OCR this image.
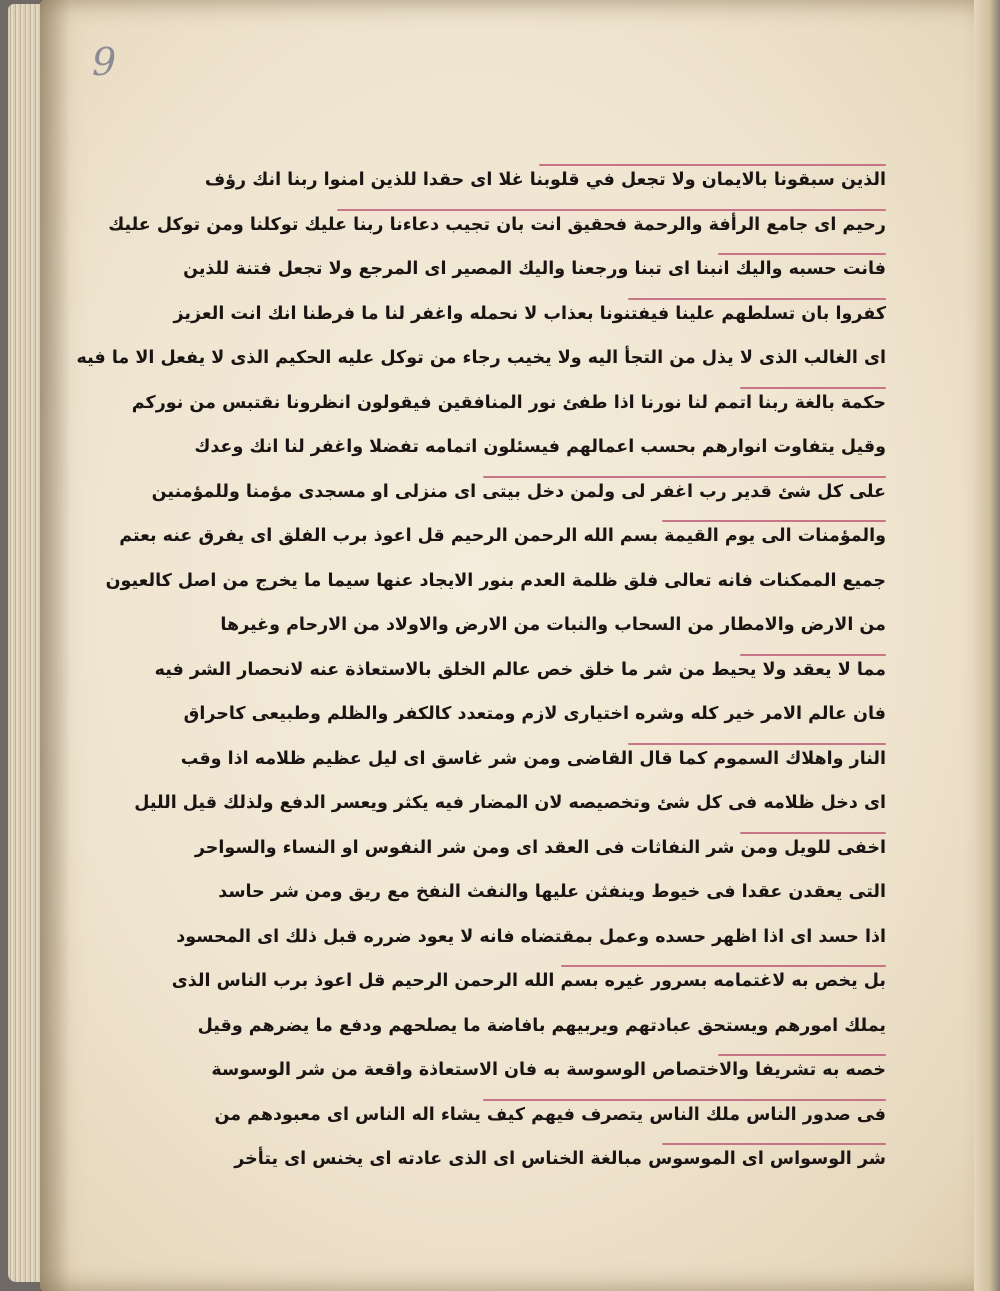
9
الذين سبقونا بالايمان ولا تجعل في قلوبنا غلا اى حقدا للذين امنوا ربنا انك رؤف
رحيم اى جامع الرأفة والرحمة فحقيق انت بان تجيب دعاءنا ربنا عليك توكلنا ومن توكل عليك
فانت حسبه واليك انبنا اى تبنا ورجعنا واليك المصير اى المرجع ولا تجعل فتنة للذين
كفروا بان تسلطهم علينا فيفتنونا بعذاب لا نحمله واغفر لنا ما فرطنا انك انت العزيز
اى الغالب الذى لا يذل من التجأ اليه ولا يخيب رجاء من توكل عليه الحكيم الذى لا يفعل الا ما فيه
حكمة بالغة ربنا اتمم لنا نورنا اذا طفئ نور المنافقين فيقولون انظرونا نقتبس من نوركم
وقيل يتفاوت انوارهم بحسب اعمالهم فيسئلون اتمامه تفضلا واغفر لنا انك وعدك
على كل شئ قدير رب اغفر لى ولمن دخل بيتى اى منزلى او مسجدى مؤمنا وللمؤمنين
والمؤمنات الى يوم القيمة بسم الله الرحمن الرحيم قل اعوذ برب الفلق اى يفرق عنه بعتم
جميع الممكنات فانه تعالى فلق ظلمة العدم بنور الايجاد عنها سيما ما يخرج من اصل كالعيون
من الارض والامطار من السحاب والنبات من الارض والاولاد من الارحام وغيرها
مما لا يعقد ولا يحيط من شر ما خلق خص عالم الخلق بالاستعاذة عنه لانحصار الشر فيه
فان عالم الامر خير كله وشره اختيارى لازم ومتعدد كالكفر والظلم وطبيعى كاحراق
النار واهلاك السموم كما قال القاضى ومن شر غاسق اى ليل عظيم ظلامه اذا وقب
اى دخل ظلامه فى كل شئ وتخصيصه لان المضار فيه يكثر ويعسر الدفع ولذلك قيل الليل
اخفى للويل ومن شر النفاثات فى العقد اى ومن شر النفوس او النساء والسواحر
التى يعقدن عقدا فى خيوط وينفثن عليها والنفث النفخ مع ريق ومن شر حاسد
اذا حسد اى اذا اظهر حسده وعمل بمقتضاه فانه لا يعود ضرره قبل ذلك اى المحسود
بل يخص به لاغتمامه بسرور غيره بسم الله الرحمن الرحيم قل اعوذ برب الناس الذى
يملك امورهم ويستحق عبادتهم ويربيهم بافاضة ما يصلحهم ودفع ما يضرهم وقيل
خصه به تشريفا والاختصاص الوسوسة به فان الاستعاذة واقعة من شر الوسوسة
فى صدور الناس ملك الناس يتصرف فيهم كيف يشاء اله الناس اى معبودهم من
شر الوسواس اى الموسوس مبالغة الخناس اى الذى عادته اى يخنس اى يتأخر
